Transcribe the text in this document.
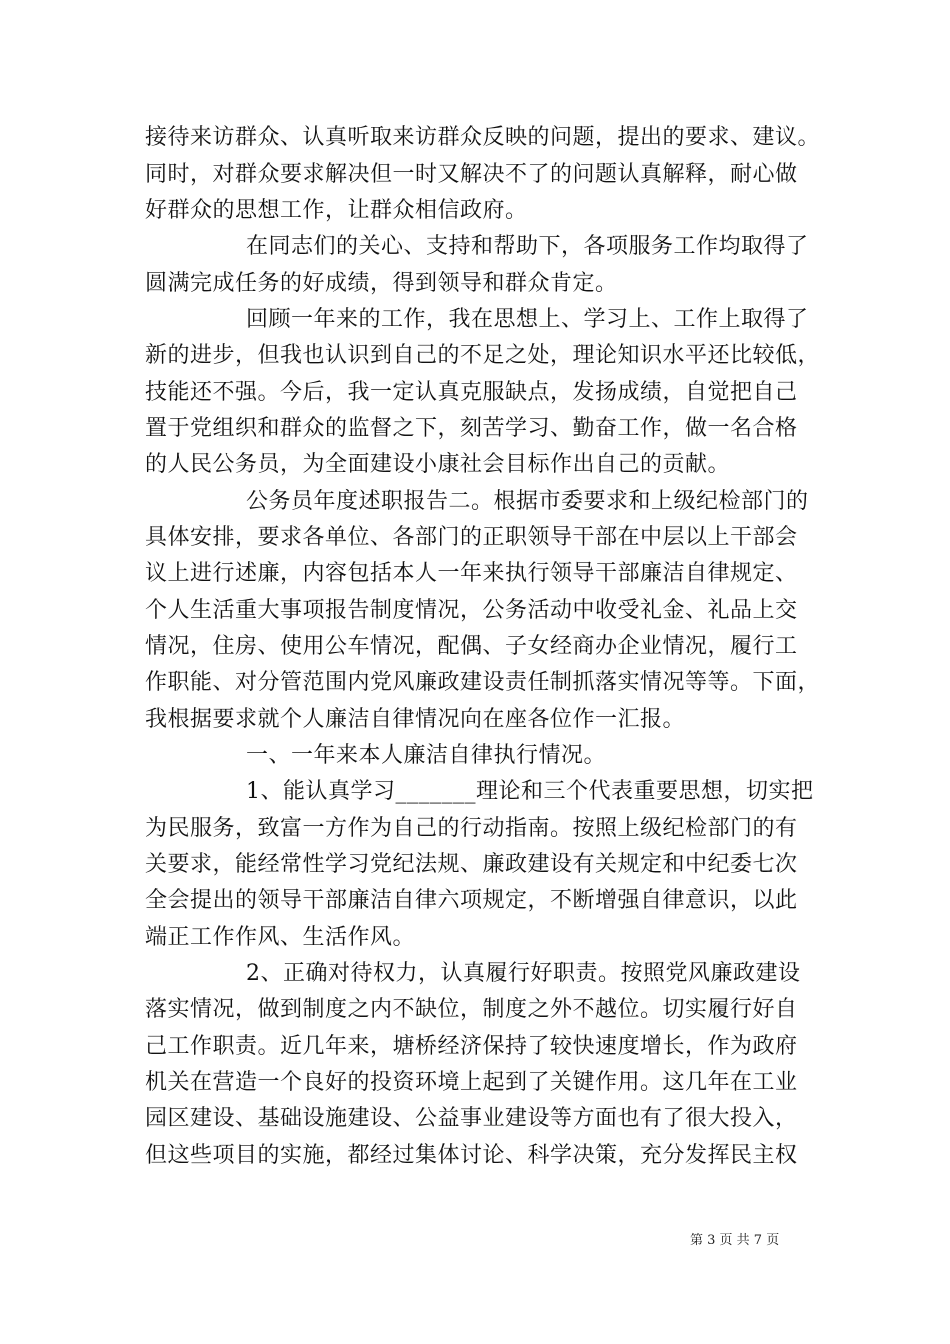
接待来访群众、认真听取来访群众反映的问题，提出的要求、建议。
同时，对群众要求解决但一时又解决不了的问题认真解释，耐心做
好群众的思想工作，让群众相信政府。
在同志们的关心、支持和帮助下，各项服务工作均取得了
圆满完成任务的好成绩，得到领导和群众肯定。
回顾一年来的工作，我在思想上、学习上、工作上取得了
新的进步，但我也认识到自己的不足之处，理论知识水平还比较低，
技能还不强。今后，我一定认真克服缺点，发扬成绩，自觉把自己
置于党组织和群众的监督之下，刻苦学习、勤奋工作，做一名合格
的人民公务员，为全面建设小康社会目标作出自己的贡献。
公务员年度述职报告二。根据市委要求和上级纪检部门的
具体安排，要求各单位、各部门的正职领导干部在中层以上干部会
议上进行述廉，内容包括本人一年来执行领导干部廉洁自律规定、
个人生活重大事项报告制度情况，公务活动中收受礼金、礼品上交
情况，住房、使用公车情况，配偶、子女经商办企业情况，履行工
作职能、对分管范围内党风廉政建设责任制抓落实情况等等。下面，
我根据要求就个人廉洁自律情况向在座各位作一汇报。
一、一年来本人廉洁自律执行情况。
1、能认真学习_______理论和三个代表重要思想，切实把
为民服务，致富一方作为自己的行动指南。按照上级纪检部门的有
关要求，能经常性学习党纪法规、廉政建设有关规定和中纪委七次
全会提出的领导干部廉洁自律六项规定，不断增强自律意识，以此
端正工作作风、生活作风。
2、正确对待权力，认真履行好职责。按照党风廉政建设
落实情况，做到制度之内不缺位，制度之外不越位。切实履行好自
己工作职责。近几年来，塘桥经济保持了较快速度增长，作为政府
机关在营造一个良好的投资环境上起到了关键作用。这几年在工业
园区建设、基础设施建设、公益事业建设等方面也有了很大投入，
但这些项目的实施，都经过集体讨论、科学决策，充分发挥民主权
第 3 页 共 7 页
